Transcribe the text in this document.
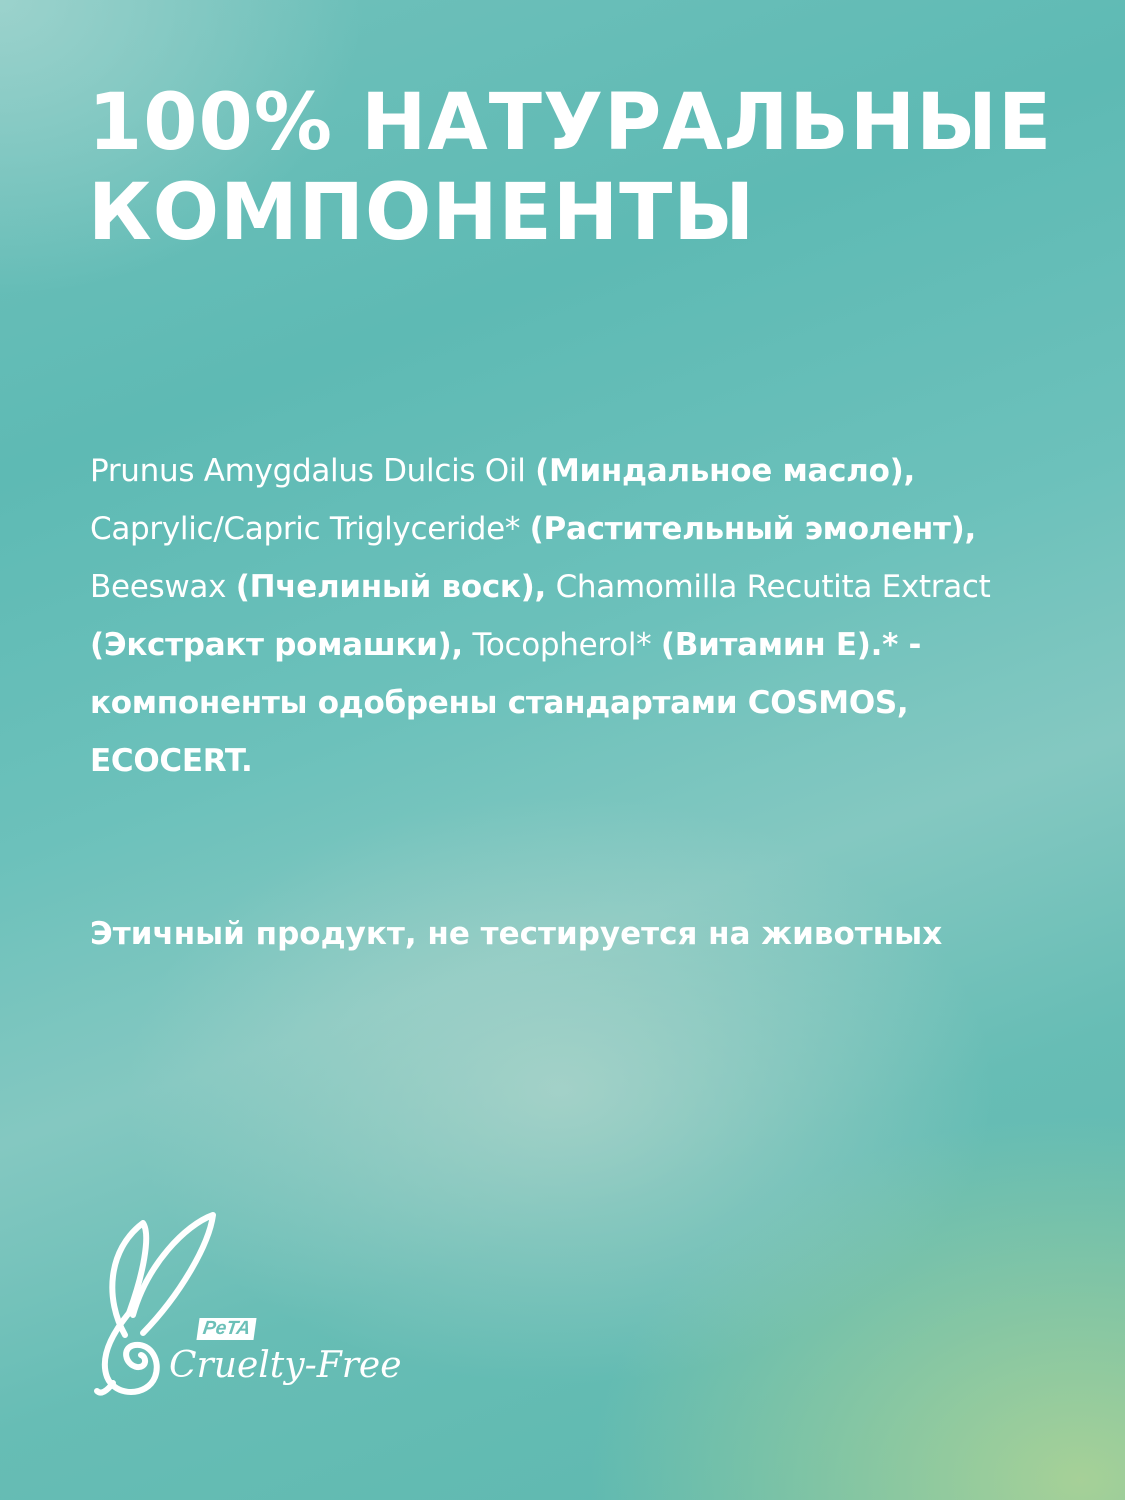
100% НАТУРАЛЬНЫЕ
КОМПОНЕНТЫ

Prunus Amygdalus Dulcis Oil (Миндальное масло), Caprylic/Capric Triglyceride* (Растительный эмолент), Beeswax (Пчелиный воск), Chamomilla Recutita Extract (Экстракт ромашки), Tocopherol* (Витамин Е).* - компоненты одобрены стандартами COSMOS, ECOCERT.

Этичный продукт, не тестируется на животных

PeTA
Cruelty-Free
